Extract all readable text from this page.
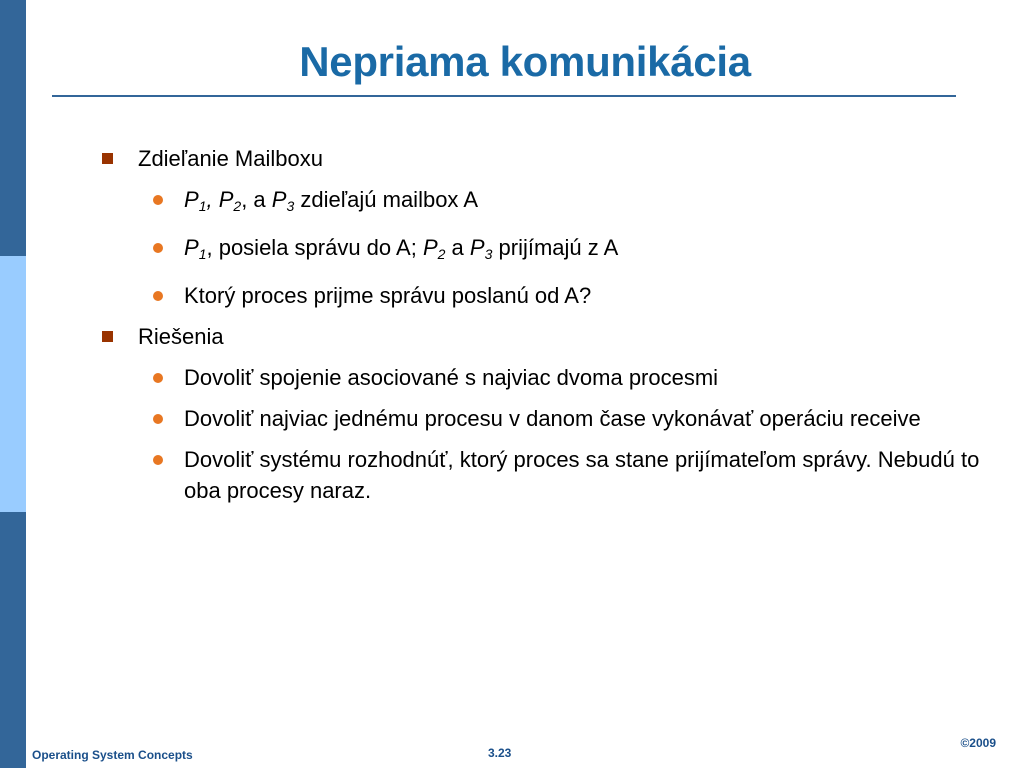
Nepriama komunikácia
Zdieľanie Mailboxu
$P_1$, $P_2$, a $P_3$ zdieľajú mailbox A
$P_1$, posiela správu do A; $P_2$ a $P_3$ prijímajú z A
Ktorý proces prijme správu poslanú od A?
Riešenia
Dovoliť spojenie asociované s najviac dvoma procesmi
Dovoliť najviac jednému procesu v danom čase vykonávať operáciu receive
Dovoliť systému rozhodnúť, ktorý proces sa stane prijímateľom správy. Nebudú to oba procesy naraz.
Operating System Concepts	3.23
©2009
